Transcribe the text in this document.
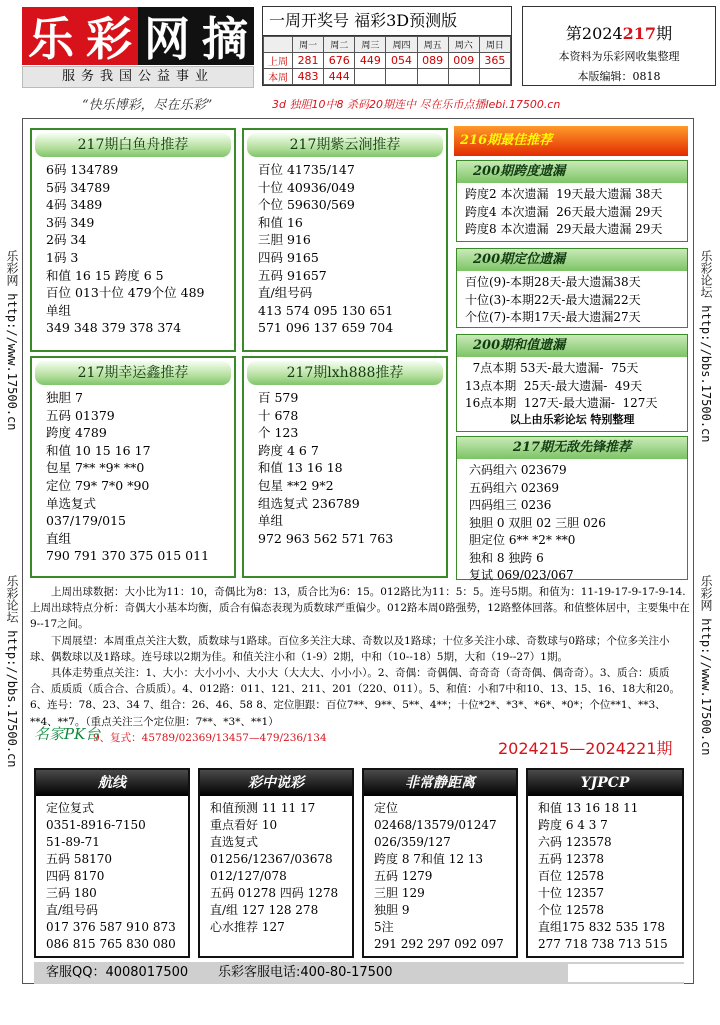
乐 彩 网 摘
服务我国公益事业
一周开奖号 福彩3D预测版
	周一	周二	周三	周四	周五	周六	周日
上周	281	676	449	054	089	009	365
本周	483	444					
第2024217期
本资料为乐彩网收集整理
本版编辑：0818
“快乐博彩，尽在乐彩”	3d 独胆10中8 杀码20期连中 尽在乐币点播lebi.17500.cn
乐彩网 http://www.17500.cn
乐彩论坛 http://bbs.17500.cn
乐彩论坛 http://bbs.17500.cn
乐彩网 http://www.17500.cn
217期白鱼舟推荐
6码 134789
5码 34789
4码 3489
3码 349
2码 34
1码 3
和值 16 15 跨度 6 5
百位 013十位 479个位 489
单组
349 348 379 378 374
217期紫云涧推荐
百位 41735/147
十位 40936/049
个位 59630/569
和值 16
三胆 916
四码 9165
五码 91657
直/组号码
413 574 095 130 651
571 096 137 659 704
217期幸运鑫推荐
独胆 7
五码 01379
跨度 4789
和值 10 15 16 17
包星 7** *9* **0
定位 79* 7*0 *90
单选复式
037/179/015
直组
790 791 370 375 015 011
217期lxh888推荐
百 579
十 678
个 123
跨度 4 6 7
和值 13 16 18
包星 **2 9*2
组选复式 236789
单组
972 963 562 571 763
216期最佳推荐
200期跨度遗漏
跨度2 本次遗漏  19天最大遗漏 38天
跨度4 本次遗漏  26天最大遗漏 29天
跨度8 本次遗漏  29天最大遗漏 29天
200期定位遗漏
百位(9)-本期28天-最大遗漏38天
十位(3)-本期22天-最大遗漏22天
个位(7)-本期17天-最大遗漏27天
200期和值遗漏
7点本期 53天-最大遗漏-  75天
13点本期  25天-最大遗漏-  49天
16点本期  127天-最大遗漏-  127天
以上由乐彩论坛 特别整理
217期无敌先锋推荐
六码组六 023679
五码组六 02369
四码组三 0236
独胆 0 双胆 02 三胆 026
胆定位 6** *2* **0
独和 8 独跨 6
复试 069/023/067

上周出球数据：大小比为11：10，奇偶比为8：13，质合比为6：15。012路比为11：5：5。连号5期。和值为：11-19-17-9-17-9-14.上周出球特点分析：奇偶大小基本均衡，质合有偏态表现为质数球严重偏少。012路本周0路强势，12路整体回落。和值整体居中，主要集中在9--17之间。

下周展望：本周重点关注大数，质数球与1路球。百位多关注大球、奇数以及1路球；十位多关注小球、奇数球与0路球；个位多关注小球、偶数球以及1路球。连号球以2期为佳。和值关注小和（1-9）2期，中和（10--18）5期，大和（19--27）1期。

具体走势重点关注：1、大小：大小小小、大小大（大大大、小小小）。2、奇偶：奇偶偶、奇奇奇（奇奇偶、偶奇奇）。3、质合：质质合、质质质（质合合、合质质）。4、012路：011、121、211、201（220、011）。5、和值：小和7中和10、13、15、16、18大和20。6、连号：78、23、34 7、组合：26、46、58 8、定位胆跟：百位7**、9**、5**、4**；十位*2*、*3*、*6*、*0*；个位**1、**3、**4、**7。（重点关注三个定位胆：7**、*3*、**1）

9、复式：45789/02369/13457—479/236/134

名家PK台
2024215—2024221期
航线
定位复式
0351-8916-7150
51-89-71
五码 58170
四码 8170
三码 180
直/组号码
017 376 587 910 873
086 815 765 830 080
彩中说彩
和值预测 11 11 17
重点看好 10
直选复式
01256/12367/03678
012/127/078
五码 01278 四码 1278
直/组 127 128 278
心水推荐 127
非常静距离
定位
02468/13579/01247
026/359/127
跨度 8 7和值 12 13
五码 1279
三胆 129
独胆 9
5注
291 292 297 092 097
YJPCP
和值 13 16 18 11
跨度 6 4 3 7
六码 123578
五码 12378
百位 12578
十位 12357
个位 12578
直组175 832 535 178
277 718 738 713 515
客服QQ：4008017500 乐彩客服电话:400-80-17500
